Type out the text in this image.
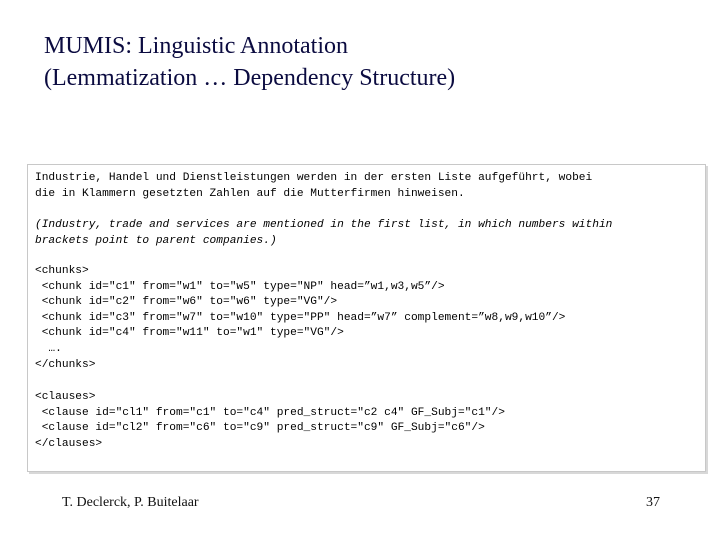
MUMIS: Linguistic Annotation
(Lemmatization … Dependency Structure)
Industrie, Handel und Dienstleistungen werden in der ersten Liste aufgeführt, wobei
die in Klammern gesetzten Zahlen auf die Mutterfirmen hinweisen.
(Industry, trade and services are mentioned in the first list, in which numbers within
brackets point to parent companies.)
<chunks>
<chunk id="c1" from="w1" to="w5" type="NP" head=”w1,w3,w5”/>
<chunk id="c2" from="w6" to="w6" type="VG"/>
<chunk id="c3" from="w7" to="w10" type="PP" head=”w7” complement=”w8,w9,w10”/>
<chunk id="c4" from="w11" to="w1" type="VG"/>
….
</chunks>
<clauses>
<clause id="cl1" from="c1" to="c4" pred_struct="c2 c4" GF_Subj="c1"/>
<clause id="cl2" from="c6" to="c9" pred_struct="c9" GF_Subj="c6"/>
</clauses>
T. Declerck, P. Buitelaar	37
